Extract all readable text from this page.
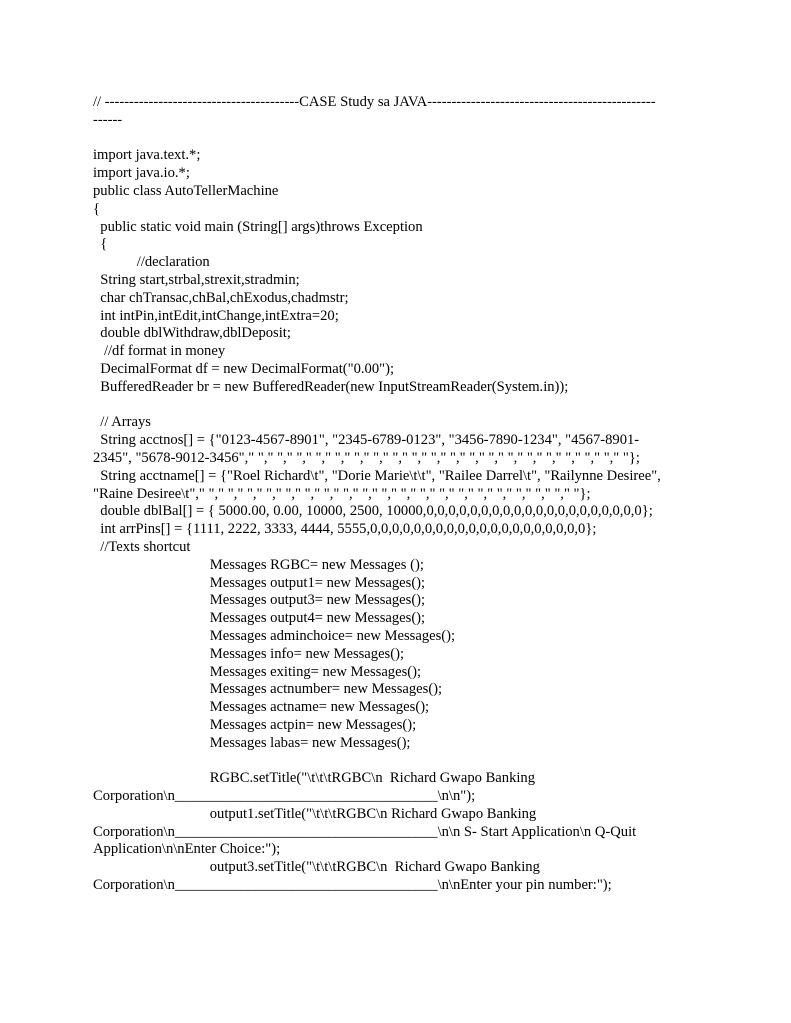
// ----------------------------------------CASE Study sa JAVA-----------------------------------------------
------
import java.text.*;
import java.io.*;
public class AutoTellerMachine
{
public static void main (String[] args)throws Exception
{
//declaration
String start,strbal,strexit,stradmin;
char chTransac,chBal,chExodus,chadmstr;
int intPin,intEdit,intChange,intExtra=20;
double dblWithdraw,dblDeposit;
//df format in money
DecimalFormat df = new DecimalFormat("0.00");
BufferedReader br = new BufferedReader(new InputStreamReader(System.in));
// Arrays
String acctnos[] = {"0123-4567-8901", "2345-6789-0123", "3456-7890-1234", "4567-8901-
2345", "5678-9012-3456"," "," "," "," "," "," "," "," "," "," "," "," "," "," "," "," "," "," "," "," "};
String acctname[] = {"Roel Richard\t", "Dorie Marie\t\t", "Railee Darrel\t", "Railynne Desiree",
"Raine Desiree\t"," "," "," "," "," "," "," "," "," "," "," "," "," "," "," "," "," "," "," "," "};
double dblBal[] = { 5000.00, 0.00, 10000, 2500, 10000,0,0,0,0,0,0,0,0,0,0,0,0,0,0,0,0,0,0,0,0};
int arrPins[] = {1111, 2222, 3333, 4444, 5555,0,0,0,0,0,0,0,0,0,0,0,0,0,0,0,0,0,0,0,0};
//Texts shortcut
Messages RGBC= new Messages ();
Messages output1= new Messages();
Messages output3= new Messages();
Messages output4= new Messages();
Messages adminchoice= new Messages();
Messages info= new Messages();
Messages exiting= new Messages();
Messages actnumber= new Messages();
Messages actname= new Messages();
Messages actpin= new Messages();
Messages labas= new Messages();
RGBC.setTitle("\t\t\tRGBC\n  Richard Gwapo Banking
Corporation\n____________________________________\n\n");
output1.setTitle("\t\t\tRGBC\n Richard Gwapo Banking
Corporation\n____________________________________\n\n S- Start Application\n Q-Quit
Application\n\nEnter Choice:");
output3.setTitle("\t\t\tRGBC\n  Richard Gwapo Banking
Corporation\n____________________________________\n\nEnter your pin number:");
